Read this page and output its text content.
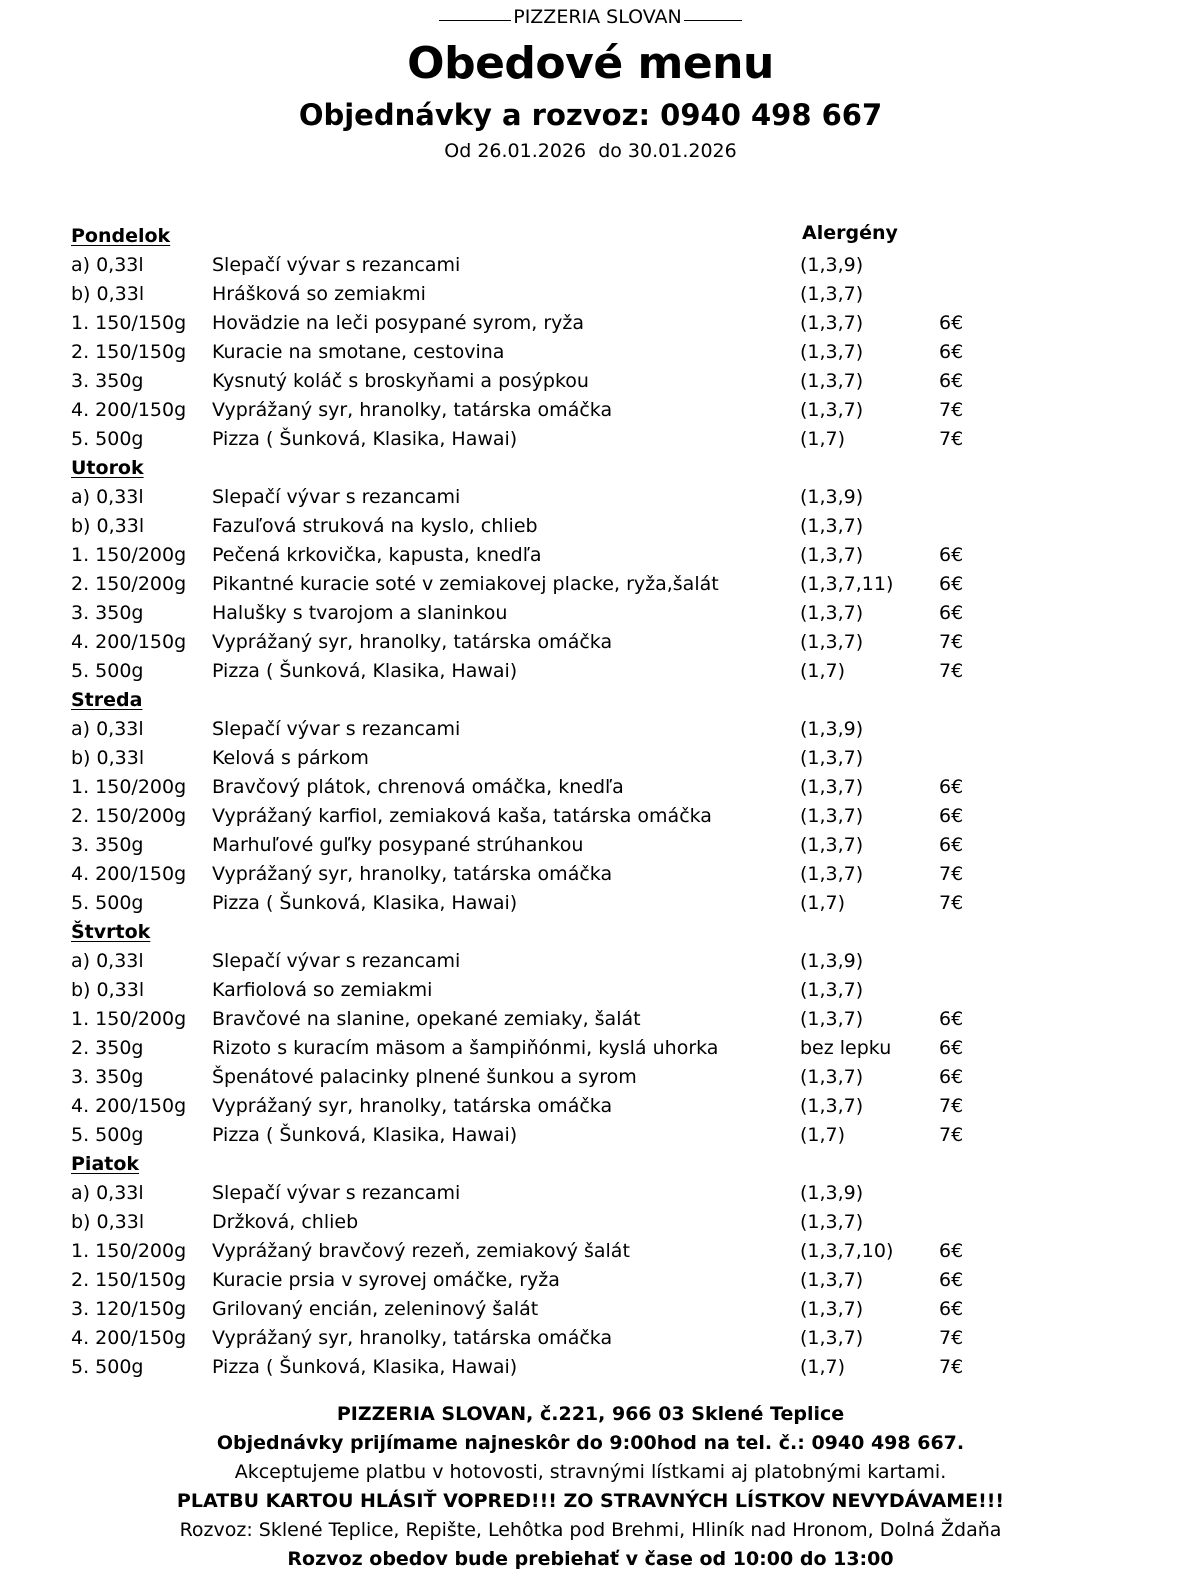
PIZZERIA SLOVAN
Obedové menu
Objednávky a rozvoz: 0940 498 667
Od 26.01.2026  do 30.01.2026
Alergény
Pondelok
a) 0,33l	Slepačí vývar s rezancami	(1,3,9)
b) 0,33l	Hrášková so zemiakmi	(1,3,7)
1. 150/150g Hovädzie na leči posypané syrom, ryža	(1,3,7)	6€
2. 150/150g Kuracie na smotane, cestovina	(1,3,7)	6€
3. 350g	Kysnutý koláč s broskyňami a posýpkou	(1,3,7)	6€
4. 200/150g Vyprážaný syr, hranolky, tatárska omáčka	(1,3,7)	7€
5. 500g	Pizza ( Šunková, Klasika, Hawai)	(1,7)	7€
Utorok
a) 0,33l	Slepačí vývar s rezancami	(1,3,9)
b) 0,33l	Fazuľová struková na kyslo, chlieb	(1,3,7)
1. 150/200g Pečená krkovička, kapusta, knedľa	(1,3,7)	6€
2. 150/200g Pikantné kuracie soté v zemiakovej placke, ryža,šalát	(1,3,7,11) 6€
3. 350g	Halušky s tvarojom a slaninkou	(1,3,7)	6€
4. 200/150g Vyprážaný syr, hranolky, tatárska omáčka	(1,3,7)	7€
5. 500g	Pizza ( Šunková, Klasika, Hawai)	(1,7)	7€
Streda
a) 0,33l	Slepačí vývar s rezancami	(1,3,9)
b) 0,33l	Kelová s párkom	(1,3,7)
1. 150/200g Bravčový plátok, chrenová omáčka, knedľa	(1,3,7)	6€
2. 150/200g Vyprážaný karfiol, zemiaková kaša, tatárska omáčka	(1,3,7)	6€
3. 350g	Marhuľové guľky posypané strúhankou	(1,3,7)	6€
4. 200/150g Vyprážaný syr, hranolky, tatárska omáčka	(1,3,7)	7€
5. 500g	Pizza ( Šunková, Klasika, Hawai)	(1,7)	7€
Štvrtok
a) 0,33l	Slepačí vývar s rezancami	(1,3,9)
b) 0,33l	Karfiolová so zemiakmi	(1,3,7)
1. 150/200g Bravčové na slanine, opekané zemiaky, šalát	(1,3,7)	6€
2. 350g	Rizoto s kuracím mäsom a šampiňónmi, kyslá uhorka	bez lepku	6€
3. 350g	Špenátové palacinky plnené šunkou a syrom	(1,3,7)	6€
4. 200/150g Vyprážaný syr, hranolky, tatárska omáčka	(1,3,7)	7€
5. 500g	Pizza ( Šunková, Klasika, Hawai)	(1,7)	7€
Piatok
a) 0,33l	Slepačí vývar s rezancami	(1,3,9)
b) 0,33l	Držková, chlieb	(1,3,7)
1. 150/200g Vyprážaný bravčový rezeň, zemiakový šalát	(1,3,7,10) 6€
2. 150/150g Kuracie prsia v syrovej omáčke, ryža	(1,3,7)	6€
3. 120/150g Grilovaný encián, zeleninový šalát	(1,3,7)	6€
4. 200/150g Vyprážaný syr, hranolky, tatárska omáčka	(1,3,7)	7€
5. 500g	Pizza ( Šunková, Klasika, Hawai)	(1,7)	7€
PIZZERIA SLOVAN, č.221, 966 03 Sklené Teplice
Objednávky prijímame najneskôr do 9:00hod na tel. č.: 0940 498 667.
Akceptujeme platbu v hotovosti, stravnými lístkami aj platobnými kartami.
PLATBU KARTOU HLÁSIŤ VOPRED!!! ZO STRAVNÝCH LÍSTKOV NEVYDÁVAME!!!
Rozvoz: Sklené Teplice, Repište, Lehôtka pod Brehmi, Hliník nad Hronom, Dolná Ždaňa
Rozvoz obedov bude prebiehať v čase od 10:00 do 13:00
